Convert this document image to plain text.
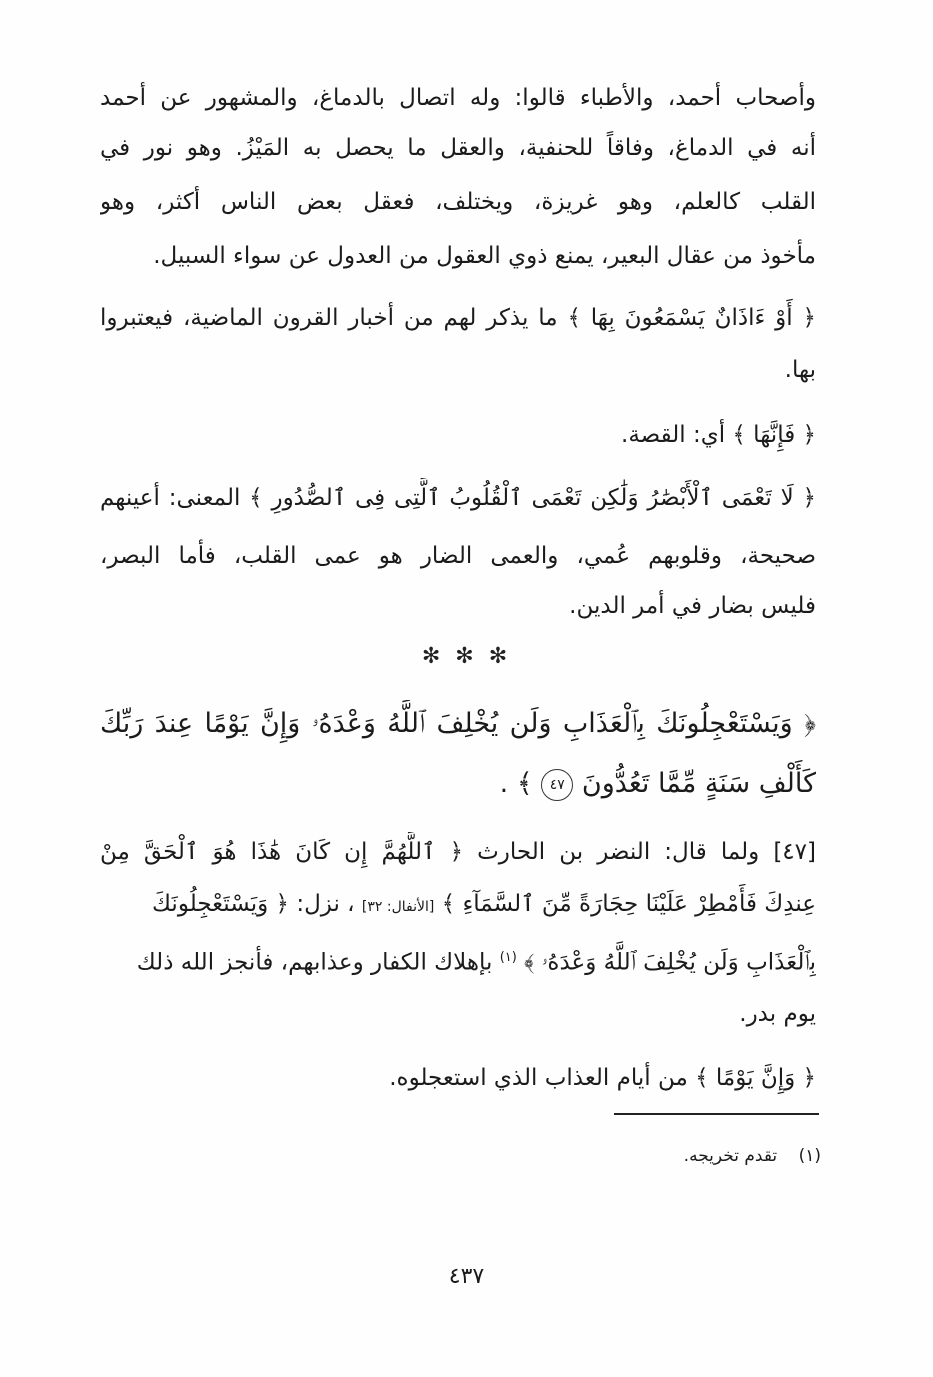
وأصحاب أحمد، والأطباء قالوا: وله اتصال بالدماغ، والمشهور عن أحمد
أنه في الدماغ، وفاقاً للحنفية، والعقل ما يحصل به المَيْزُ. وهو نور في
القلب كالعلم، وهو غريزة، ويختلف، فعقل بعض الناس أكثر، وهو
مأخوذ من عقال البعير، يمنع ذوي العقول من العدول عن سواء السبيل.
﴿ أَوْ ءَاذَانٌ يَسْمَعُونَ بِهَا ﴾ ما يذكر لهم من أخبار القرون الماضية، فيعتبروا
بها.
﴿ فَإِنَّهَا ﴾ أي: القصة.
﴿ لَا تَعْمَى ٱلْأَبْصَٰرُ وَلَٰكِن تَعْمَى ٱلْقُلُوبُ ٱلَّتِى فِى ٱلصُّدُورِ ﴾ المعنى: أعينهم
صحيحة، وقلوبهم عُمي، والعمى الضار هو عمى القلب، فأما البصر،
فليس بضار في أمر الدين.
✻ ✻ ✻
﴿ وَيَسْتَعْجِلُونَكَ بِٱلْعَذَابِ وَلَن يُخْلِفَ ٱللَّهُ وَعْدَهُۥ وَإِنَّ يَوْمًا عِندَ رَبِّكَ
كَأَلْفِ سَنَةٍ مِّمَّا تَعُدُّونَ ٤٧ ﴾ .
[٤٧] ولما قال: النضر بن الحارث ﴿ ٱللَّهُمَّ إِن كَانَ هَٰذَا هُوَ ٱلْحَقَّ مِنْ
عِندِكَ فَأَمْطِرْ عَلَيْنَا حِجَارَةً مِّنَ ٱلسَّمَآءِ ﴾ [الأنفال: ٣٢] ، نزل: ﴿ وَيَسْتَعْجِلُونَكَ
بِٱلْعَذَابِ وَلَن يُخْلِفَ ٱللَّهُ وَعْدَهُۥ ﴾ $^{(١)}$ بإهلاك الكفار وعذابهم، فأنجز الله ذلك
يوم بدر.
﴿ وَإِنَّ يَوْمًا ﴾ من أيام العذاب الذي استعجلوه.
(١) تقدم تخريجه.
٤٣٧
